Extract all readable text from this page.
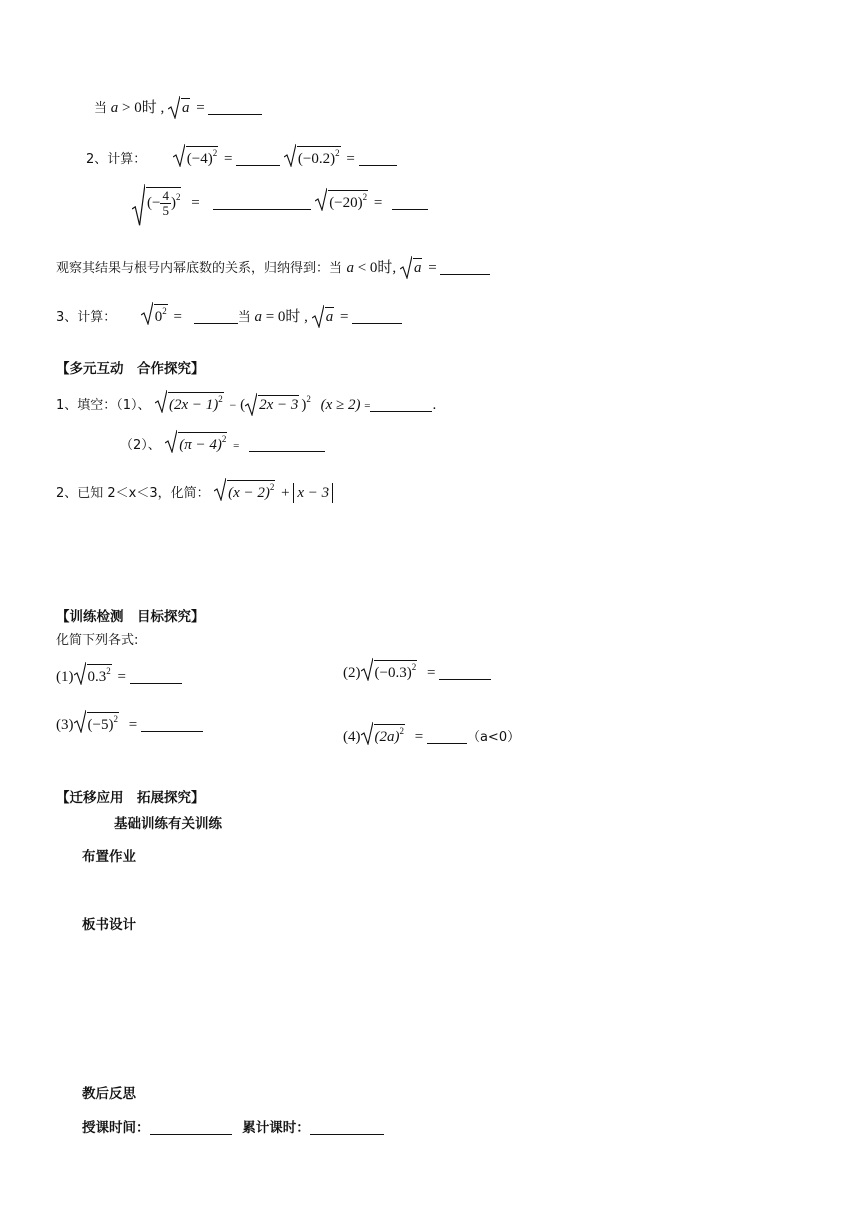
当 a > 0时 , a =
2、计算：	$(-4)^2$ =	$(-0.2)^2$ =
(− $\frac{4}{5} )^2$ =	$(-20)^2$ =
观察其结果与根号内幂底数的关系，归纳得到：当 a < 0时, a =
3、计算：	$0^2$ =	当 a = 0时 , a =
【多元互动　合作探究】
1、填空：（1）、 $(2x - 1)^2$ − ( 2x − 3 )$^2$ (x ≥ 2) =	.
（2）、 $(\pi - 4)^2$ =
2、已知 2＜x＜3，化简： $(x - 2)^2 + x - 3$
【训练检测　目标探究】
化简下列各式:
(1) $0.3^2$ =	(2) $(-0.3)^2$ =
(3) $(-5)^2$ =
(4) $(2a)^2$ =	（a<0）
【迁移应用　拓展探究】
基础训练有关训练
布置作业
板书设计
教后反思
授课时间：	累计课时：
